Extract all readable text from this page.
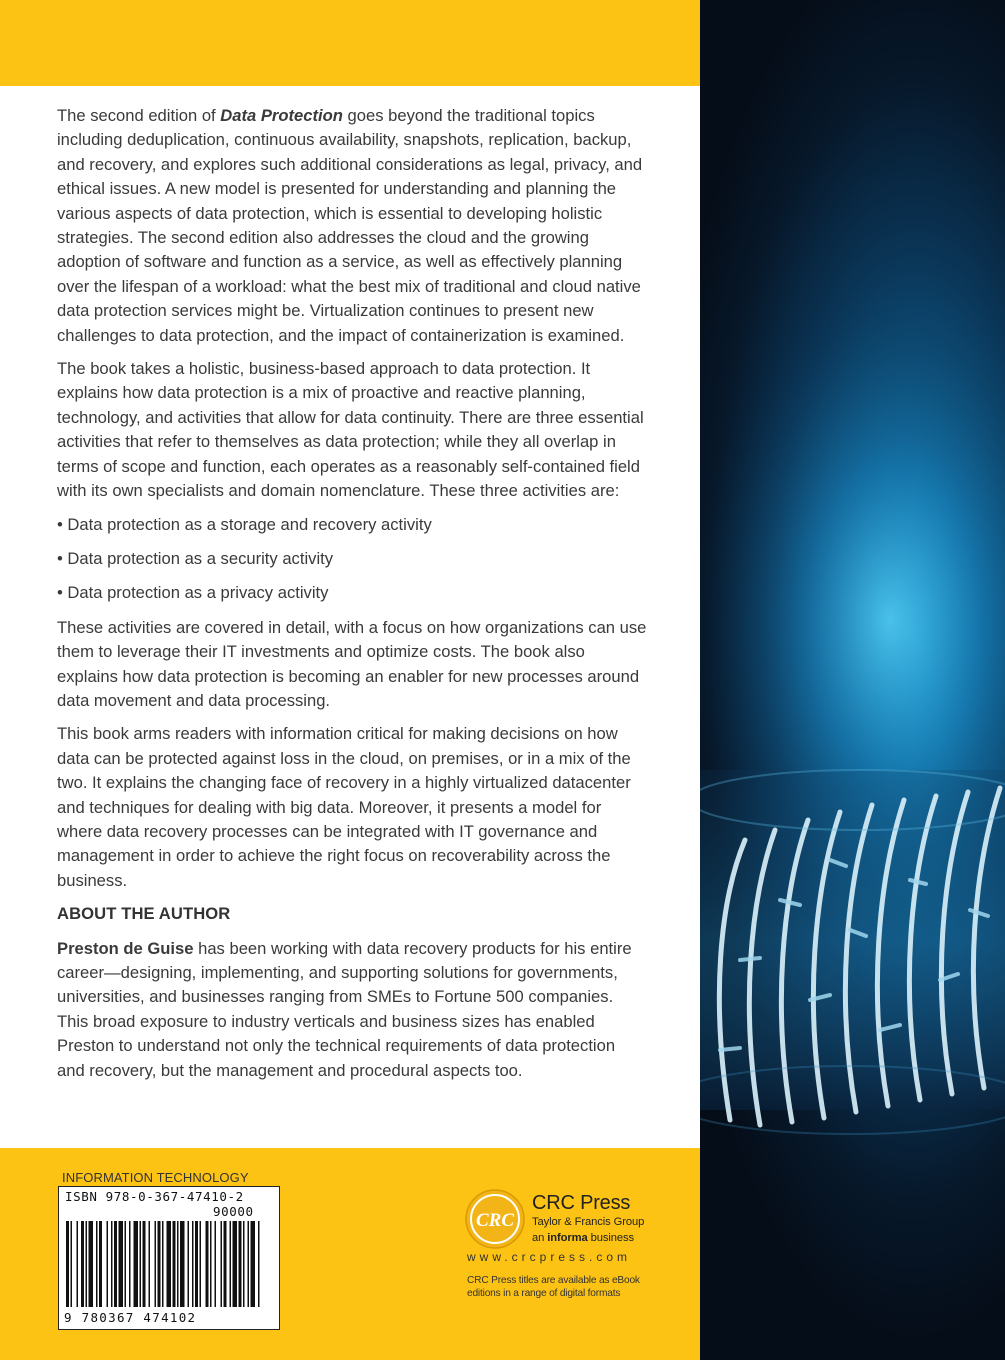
The second edition of Data Protection goes beyond the traditional topics including deduplication, continuous availability, snapshots, replication, backup, and recovery, and explores such additional considerations as legal, privacy, and ethical issues. A new model is presented for understanding and planning the various aspects of data protection, which is essential to developing holistic strategies. The second edition also addresses the cloud and the growing adoption of software and function as a service, as well as effectively planning over the lifespan of a workload: what the best mix of traditional and cloud native data protection services might be. Virtualization continues to present new challenges to data protection, and the impact of containerization is examined.

The book takes a holistic, business-based approach to data protection. It explains how data protection is a mix of proactive and reactive planning, technology, and activities that allow for data continuity. There are three essential activities that refer to themselves as data protection; while they all overlap in terms of scope and function, each operates as a reasonably self-contained field with its own specialists and domain nomenclature. These three activities are:

• Data protection as a storage and recovery activity

• Data protection as a security activity

• Data protection as a privacy activity

These activities are covered in detail, with a focus on how organizations can use them to leverage their IT investments and optimize costs. The book also explains how data protection is becoming an enabler for new processes around data movement and data processing.

This book arms readers with information critical for making decisions on how data can be protected against loss in the cloud, on premises, or in a mix of the two. It explains the changing face of recovery in a highly virtualized datacenter and techniques for dealing with big data. Moreover, it presents a model for where data recovery processes can be integrated with IT governance and management in order to achieve the right focus on recoverability across the business.

ABOUT THE AUTHOR

Preston de Guise has been working with data recovery products for his entire career—designing, implementing, and supporting solutions for governments, universities, and businesses ranging from SMEs to Fortune 500 companies. This broad exposure to industry verticals and business sizes has enabled Preston to understand not only the technical requirements of data protection and recovery, but the management and procedural aspects too.

INFORMATION TECHNOLOGY
ISBN 978-0-367-47410-2
90000
9 780367 474102
CRC
CRC Press
Taylor & Francis Group
an informa business
www.crcpress.com
CRC Press titles are available as eBook editions in a range of digital formats
